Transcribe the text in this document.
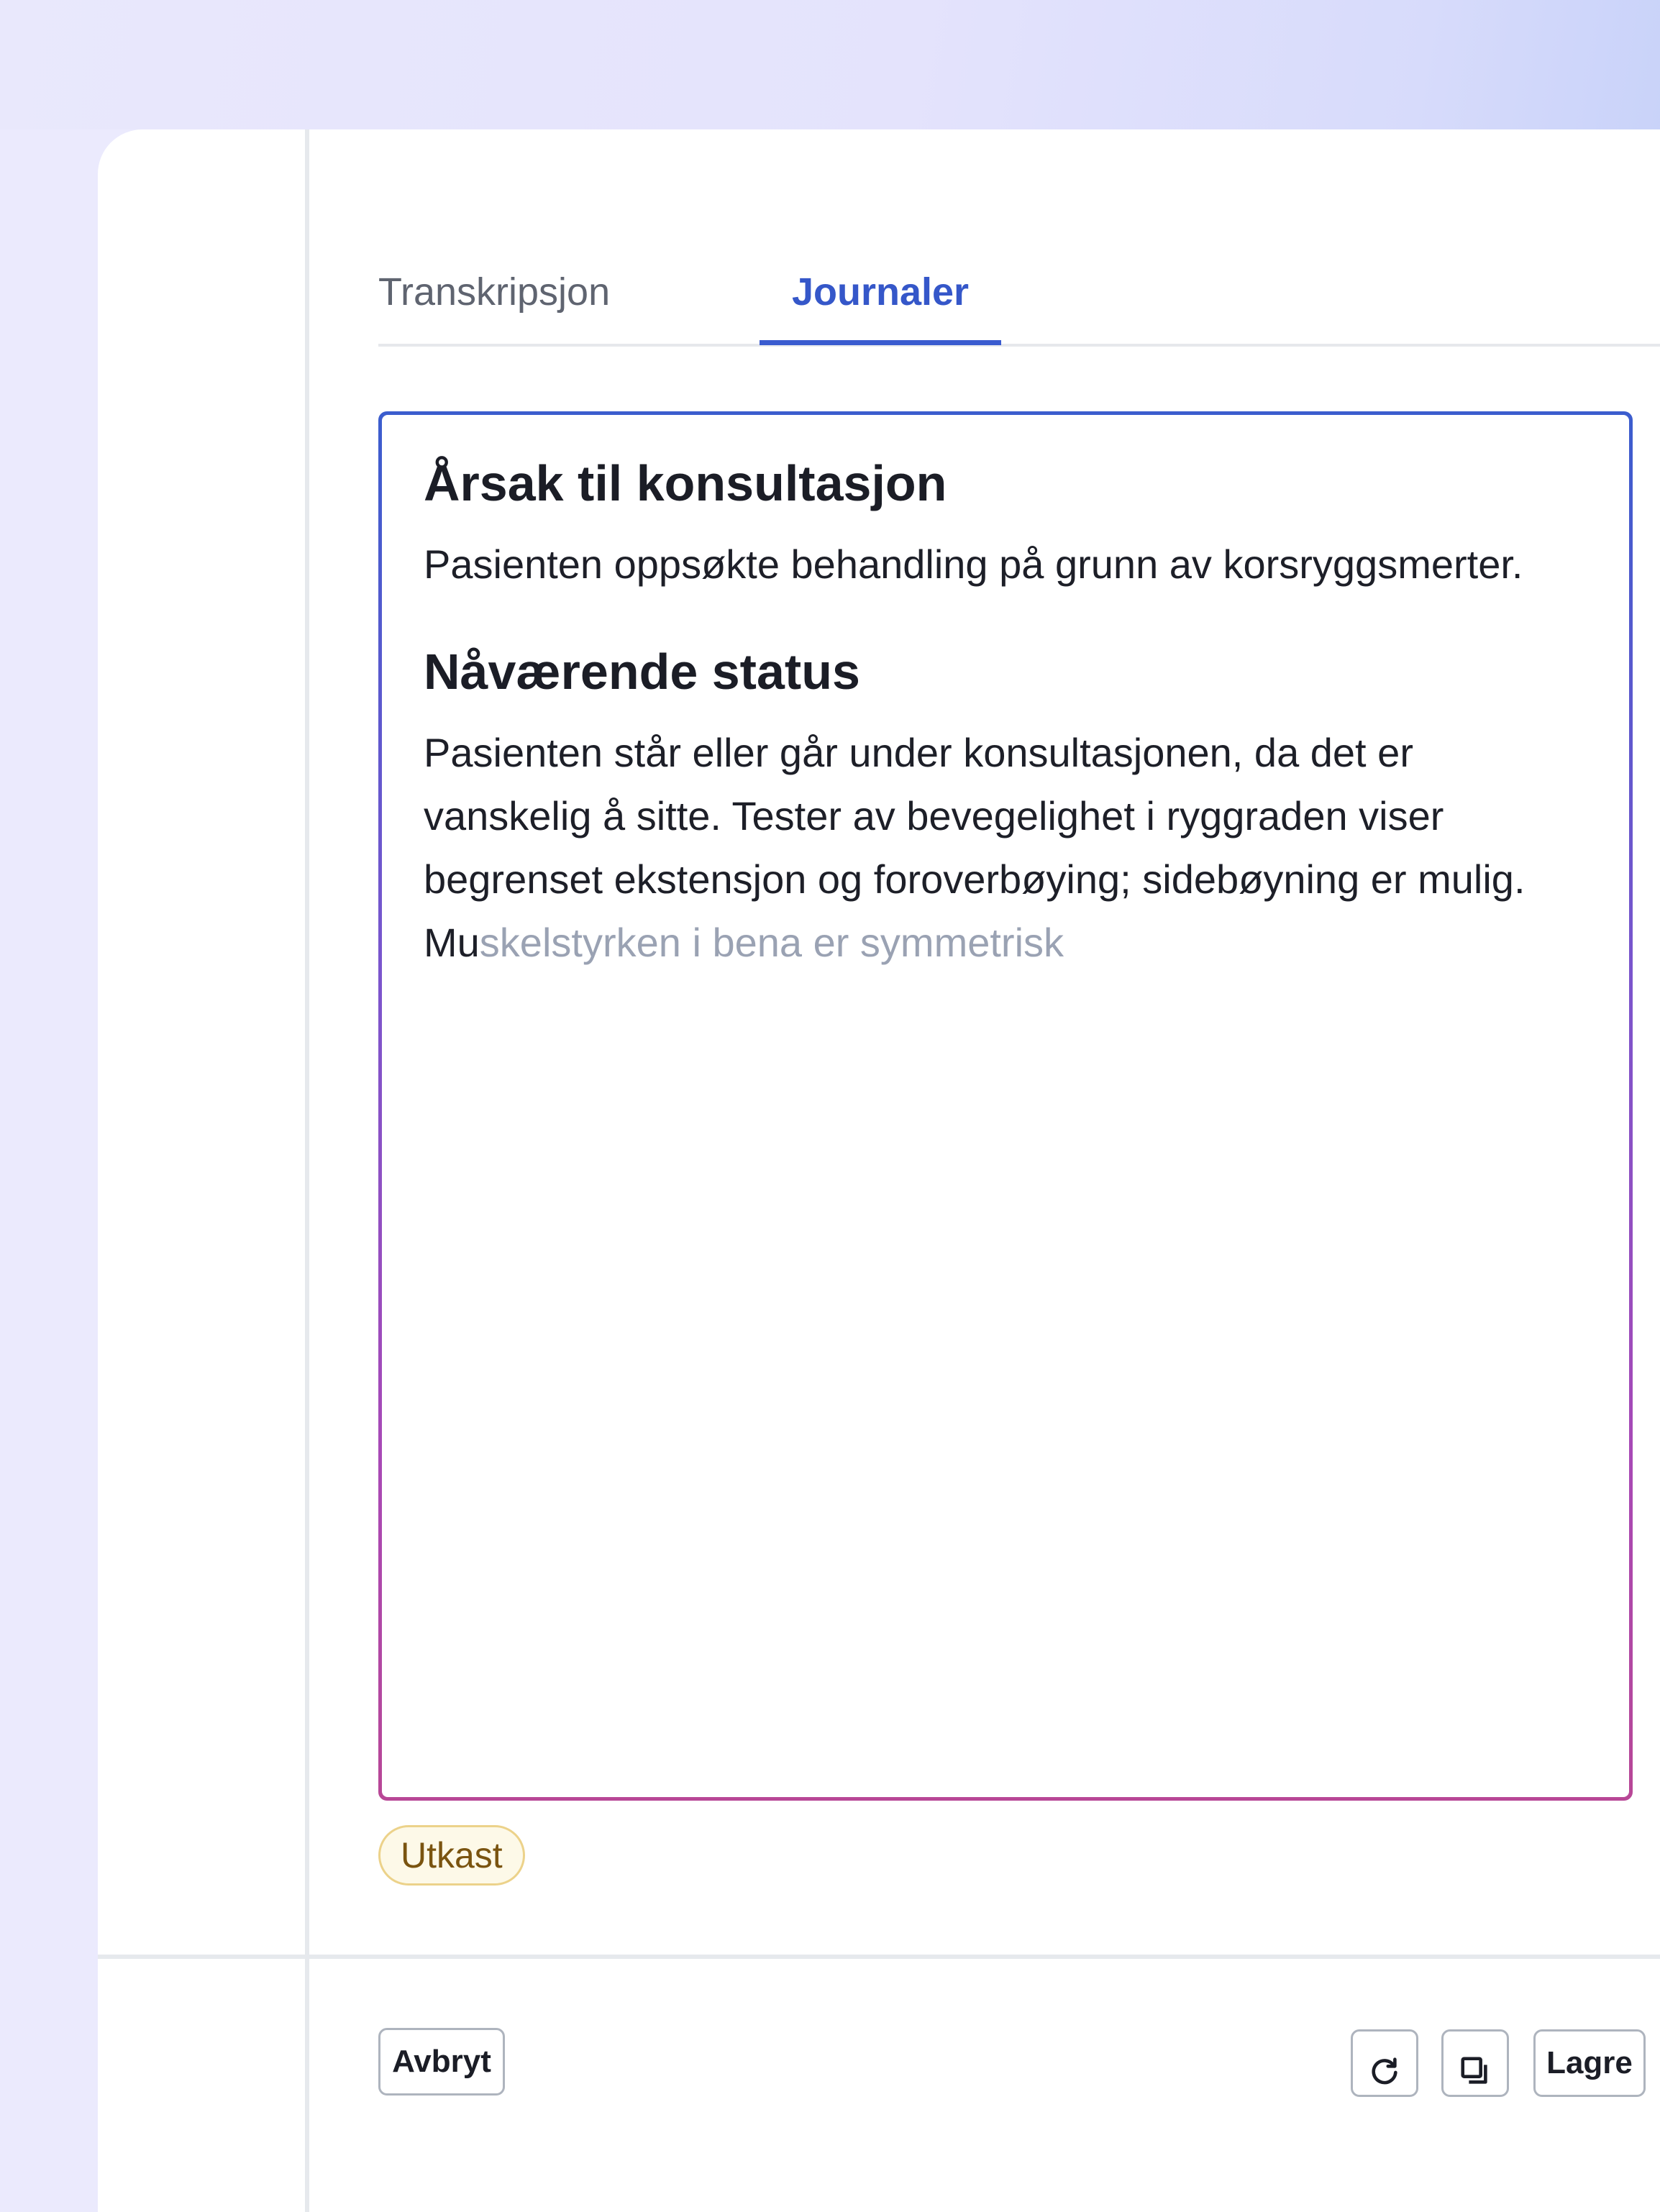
Transkripsjon	Journaler
Årsak til konsultasjon

Pasienten oppsøkte behandling på grunn av korsryggsmerter.

Nåværende status

Pasienten står eller går under konsultasjonen, da det er vanskelig å sitte. Tester av bevegelighet i ryggraden viser begrenset ekstensjon og foroverbøying; sidebøyning er mulig. Muskelstyrken i bena er symmetrisk

Utkast
Avbryt	Lagre
